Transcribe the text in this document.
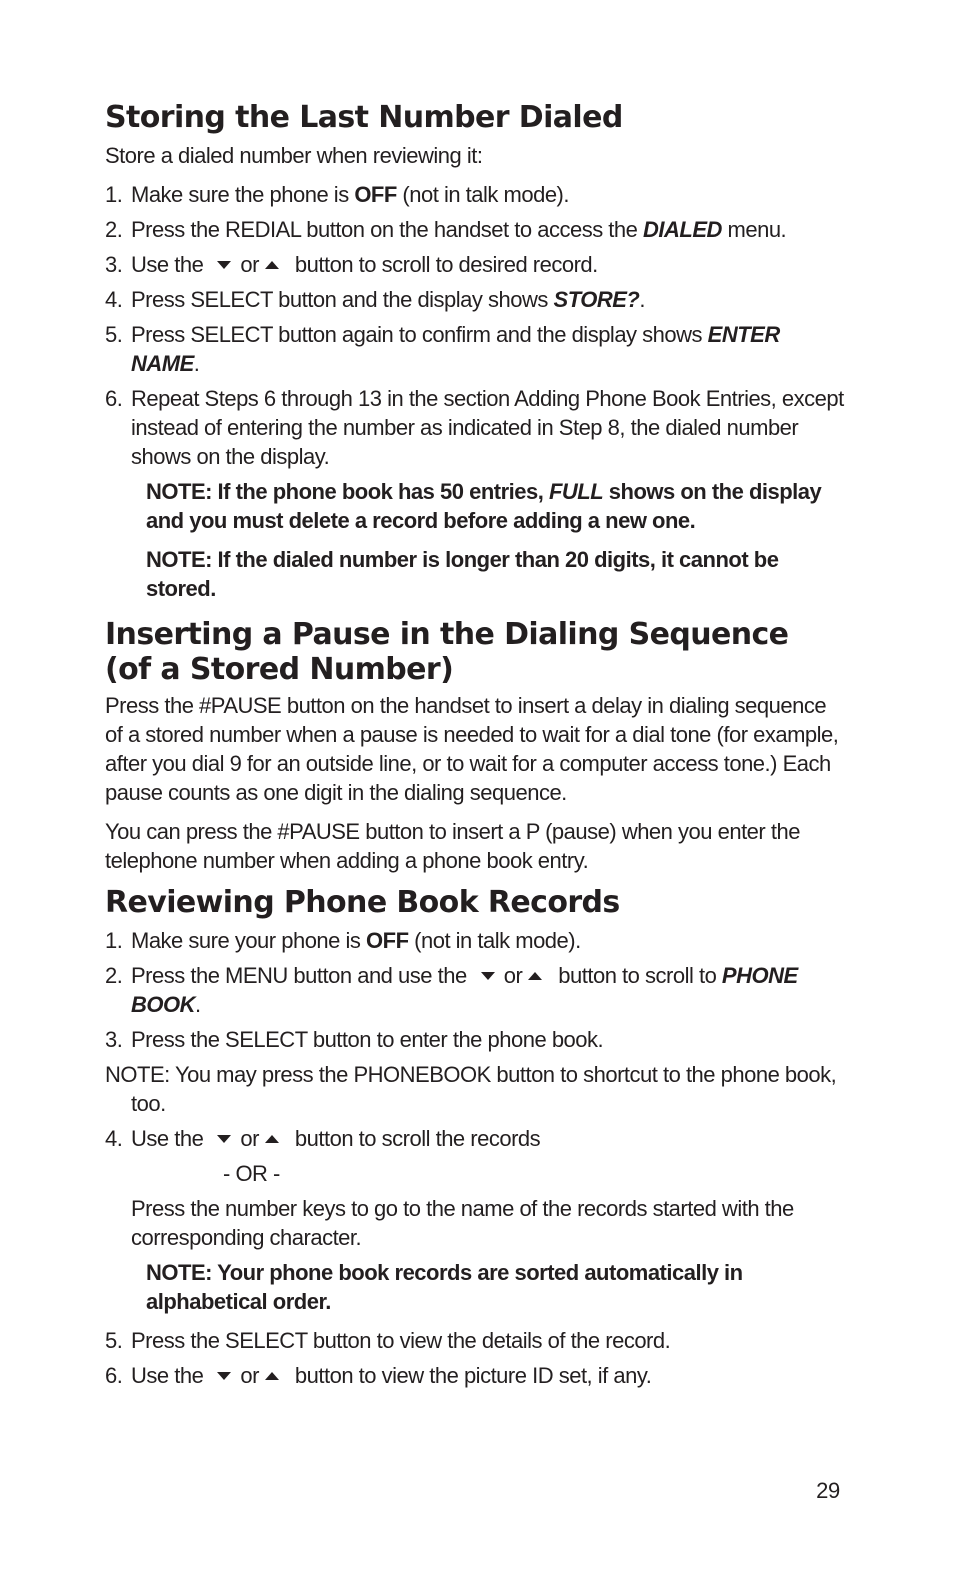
Storing the Last Number Dialed

Store a dialed number when reviewing it:

1. Make sure the phone is OFF (not in talk mode).
2. Press the REDIAL button on the handset to access the DIALED menu.
3. Use the or button to scroll to desired record.
4. Press SELECT button and the display shows STORE?.
5. Press SELECT button again to confirm and the display shows ENTER NAME.
6. Repeat Steps 6 through 13 in the section Adding Phone Book Entries, except instead of entering the number as indicated in Step 8, the dialed number shows on the display.

NOTE: If the phone book has 50 entries, FULL shows on the display and you must delete a record before adding a new one.

NOTE: If the dialed number is longer than 20 digits, it cannot be stored.

Inserting a Pause in the Dialing Sequence
(of a Stored Number)

Press the #PAUSE button on the handset to insert a delay in dialing sequence of a stored number when a pause is needed to wait for a dial tone (for example, after you dial 9 for an outside line, or to wait for a computer access tone.) Each pause counts as one digit in the dialing sequence.

You can press the #PAUSE button to insert a P (pause) when you enter the telephone number when adding a phone book entry.

Reviewing Phone Book Records
1. Make sure your phone is OFF (not in talk mode).
2. Press the MENU button and use the or button to scroll to PHONE BOOK.
3. Press the SELECT button to enter the phone book.

NOTE: You may press the PHONEBOOK button to shortcut to the phone book, too.

4. Use the or button to scroll the records

- OR -

Press the number keys to go to the name of the records started with the corresponding character.

NOTE: Your phone book records are sorted automatically in alphabetical order.

5. Press the SELECT button to view the details of the record.
6. Use the or button to view the picture ID set, if any.
29
